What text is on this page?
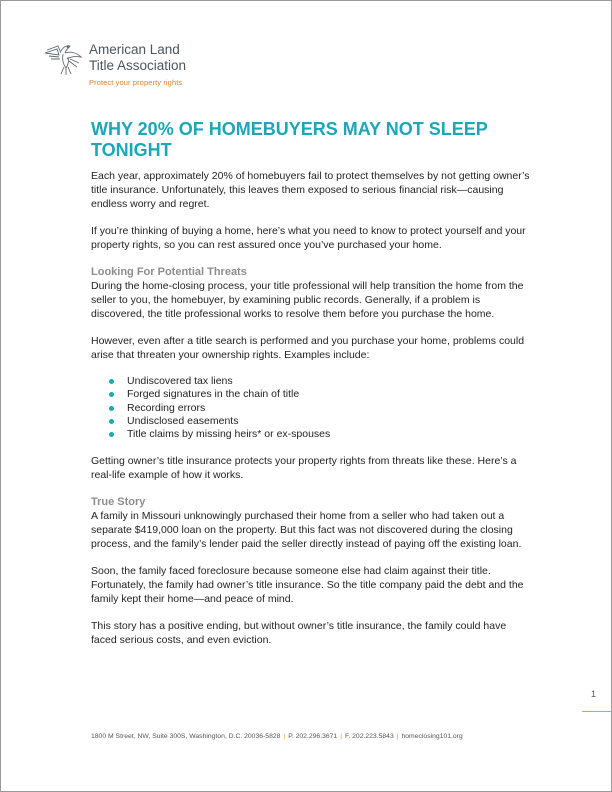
American Land
Title Association
Protect your property rights
WHY 20% OF HOMEBUYERS MAY NOT SLEEP TONIGHT

Each year, approximately 20% of homebuyers fail to protect themselves by not getting owner’s title insurance. Unfortunately, this leaves them exposed to serious financial risk—causing endless worry and regret.

If you’re thinking of buying a home, here’s what you need to know to protect yourself and your property rights, so you can rest assured once you’ve purchased your home.

Looking For Potential Threats

During the home-closing process, your title professional will help transition the home from the seller to you, the homebuyer, by examining public records. Generally, if a problem is discovered, the title professional works to resolve them before you purchase the home.

However, even after a title search is performed and you purchase your home, problems could arise that threaten your ownership rights. Examples include:

Undiscovered tax liens
Forged signatures in the chain of title
Recording errors
Undisclosed easements
Title claims by missing heirs* or ex-spouses

Getting owner’s title insurance protects your property rights from threats like these. Here’s a real-life example of how it works.

True Story

A family in Missouri unknowingly purchased their home from a seller who had taken out a separate $419,000 loan on the property. But this fact was not discovered during the closing process, and the family’s lender paid the seller directly instead of paying off the existing loan.

Soon, the family faced foreclosure because someone else had claim against their title. Fortunately, the family had owner’s title insurance. So the title company paid the debt and the family kept their home—and peace of mind.

This story has a positive ending, but without owner’s title insurance, the family could have faced serious costs, and even eviction.

1
1800 M Street, NW, Suite 300S, Washington, D.C. 20036-5828 | P. 202.296.3671 | F. 202.223.5843 | homeclosing101.org
